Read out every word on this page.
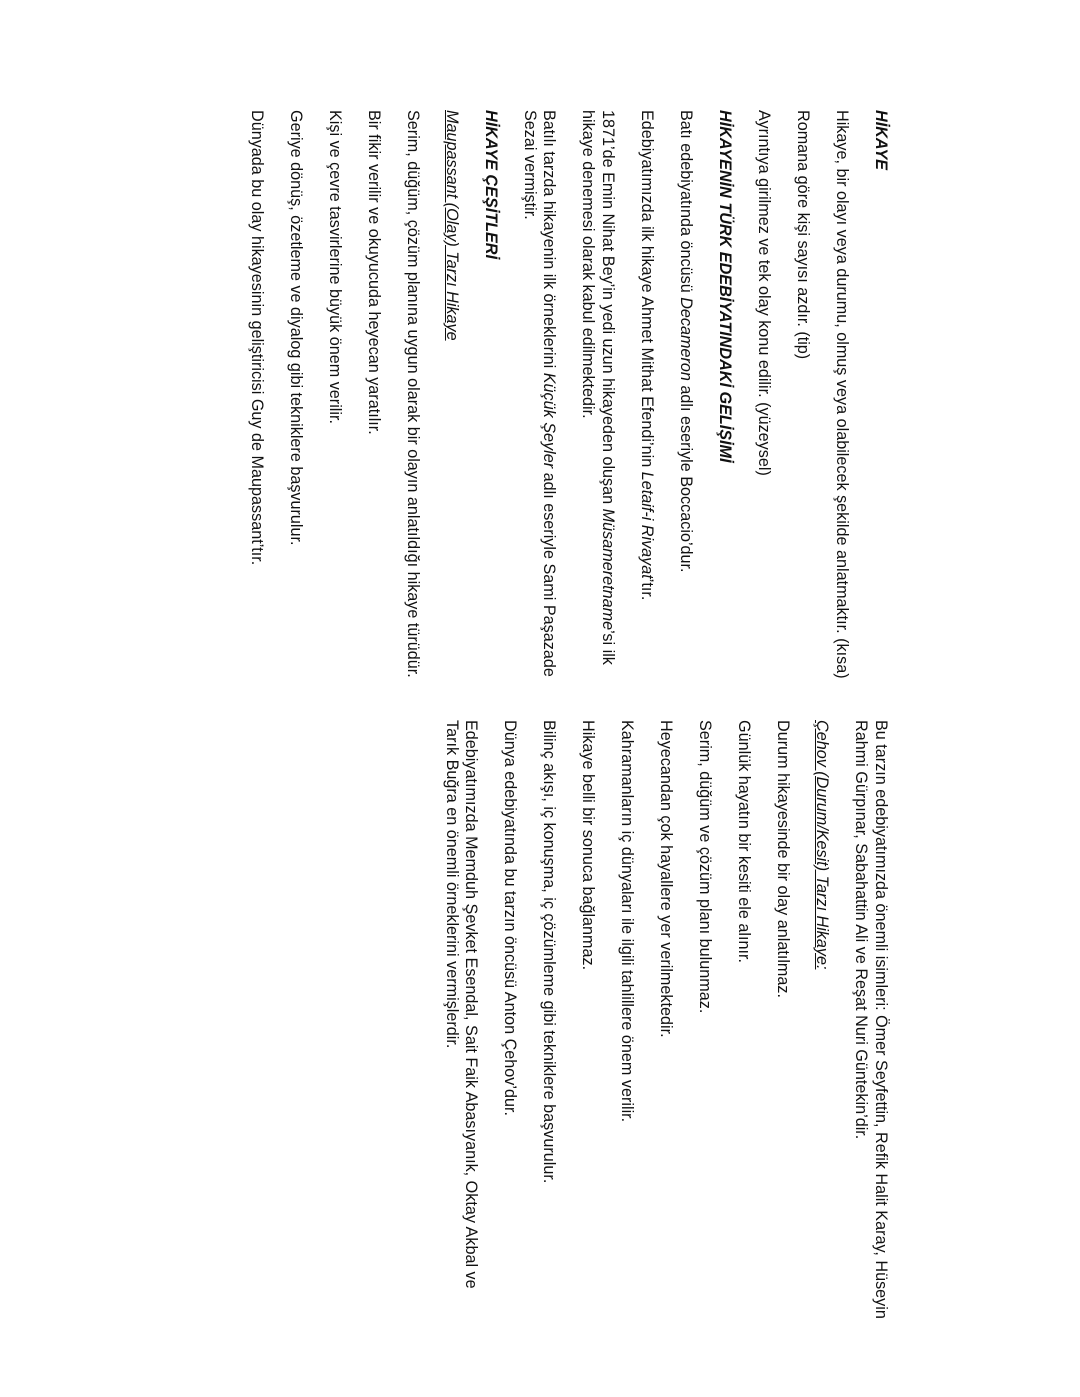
HİKAYE

Hikaye, bir olayı veya durumu, olmuş veya olabilecek şekilde anlatmaktır. (kısa)

Romana göre kişi sayısı azdır. (tip)

Ayrıntıya girilmez ve tek olay konu edilir. (yüzeysel)

HİKAYENİN TÜRK EDEBİYATINDAKİ GELİŞİMİ

Batı edebiyatında öncüsü Decameron adlı eseriyle Boccacio’dur.

Edebiyatımızda ilk hikaye Ahmet Mithat Efendi’nin Letaif-i Rivayat’tır.

1871’de Emin Nihat Bey’in yedi uzun hikayeden oluşan Müsameretname’si ilk hikaye denemesi olarak kabul edilmektedir.

Batılı tarzda hikayenin ilk örneklerini Küçük Şeyler adlı eseriyle Sami Paşazade Sezai vermiştir.

HİKAYE ÇEŞİTLERİ

Maupassant (Olay) Tarzı Hikaye

Serim, düğüm, çözüm planına uygun olarak bir olayın anlatıldığı hikaye türüdür.

Bir fikir verilir ve okuyucuda heyecan yaratılır.

Kişi ve çevre tasvirlerine büyük önem verilir.

Geriye dönüş, özetleme ve diyalog gibi tekniklere başvurulur.

Dünyada bu olay hikayesinin geliştiricisi Guy de Maupassant’tır.

Bu tarzın edebiyatımızda önemli isimleri: Ömer Seyfettin, Refik Halit Karay, Hüseyin Rahmi Gürpınar, Sabahattin Ali ve Reşat Nuri Güntekin’dir.

Çehov (Durum/Kesit) Tarzı Hikaye:

Durum hikayesinde bir olay anlatılmaz.

Günlük hayatın bir kesiti ele alınır.

Serim, düğüm ve çözüm planı bulunmaz.

Heyecandan çok hayallere yer verilmektedir.

Kahramanların iç dünyaları ile ilgili tahlillere önem verilir.

Hikaye belli bir sonuca bağlanmaz.

Bilinç akışı, iç konuşma, iç çözümleme gibi tekniklere başvurulur.

Dünya edebiyatında bu tarzın öncüsü Anton Çehov’dur.

Edebiyatımızda Memduh Şevket Esendal, Sait Faik Abasıyanık, Oktay Akbal ve Tarık Buğra en önemli örneklerini vermişlerdir.
